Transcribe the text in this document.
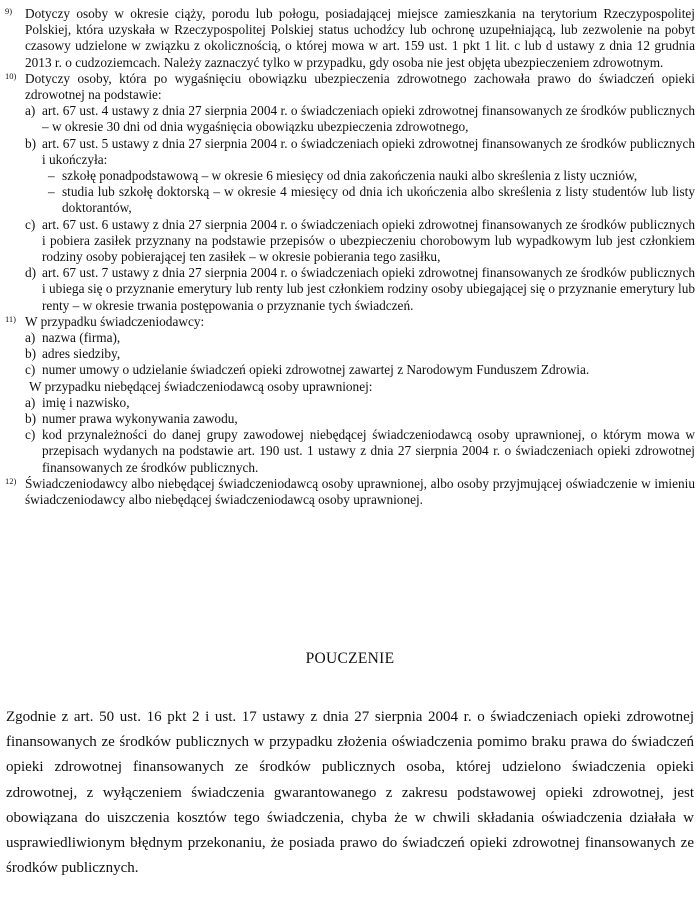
9) Dotyczy osoby w okresie ciąży, porodu lub połogu, posiadającej miejsce zamieszkania na terytorium Rzeczypospolitej Polskiej, która uzyskała w Rzeczypospolitej Polskiej status uchodźcy lub ochronę uzupełniającą, lub zezwolenie na pobyt czasowy udzielone w związku z okolicznością, o której mowa w art. 159 ust. 1 pkt 1 lit. c lub d ustawy z dnia 12 grudnia 2013 r. o cudzoziemcach. Należy zaznaczyć tylko w przypadku, gdy osoba nie jest objęta ubezpieczeniem zdrowotnym.
10) Dotyczy osoby, która po wygaśnięciu obowiązku ubezpieczenia zdrowotnego zachowała prawo do świadczeń opieki zdrowotnej na podstawie:
a) art. 67 ust. 4 ustawy z dnia 27 sierpnia 2004 r. o świadczeniach opieki zdrowotnej finansowanych ze środków publicznych – w okresie 30 dni od dnia wygaśnięcia obowiązku ubezpieczenia zdrowotnego,
b) art. 67 ust. 5 ustawy z dnia 27 sierpnia 2004 r. o świadczeniach opieki zdrowotnej finansowanych ze środków publicznych i ukończyła:
– szkołę ponadpodstawową – w okresie 6 miesięcy od dnia zakończenia nauki albo skreślenia z listy uczniów,
– studia lub szkołę doktorską – w okresie 4 miesięcy od dnia ich ukończenia albo skreślenia z listy studentów lub listy doktorantów,
c) art. 67 ust. 6 ustawy z dnia 27 sierpnia 2004 r. o świadczeniach opieki zdrowotnej finansowanych ze środków publicznych i pobiera zasiłek przyznany na podstawie przepisów o ubezpieczeniu chorobowym lub wypadkowym lub jest członkiem rodziny osoby pobierającej ten zasiłek – w okresie pobierania tego zasiłku,
d) art. 67 ust. 7 ustawy z dnia 27 sierpnia 2004 r. o świadczeniach opieki zdrowotnej finansowanych ze środków publicznych i ubiega się o przyznanie emerytury lub renty lub jest członkiem rodziny osoby ubiegającej się o przyznanie emerytury lub renty – w okresie trwania postępowania o przyznanie tych świadczeń.
11) W przypadku świadczeniodawcy:
a) nazwa (firma),
b) adres siedziby,
c) numer umowy o udzielanie świadczeń opieki zdrowotnej zawartej z Narodowym Funduszem Zdrowia.
W przypadku niebędącej świadczeniodawcą osoby uprawnionej:
a) imię i nazwisko,
b) numer prawa wykonywania zawodu,
c) kod przynależności do danej grupy zawodowej niebędącej świadczeniodawcą osoby uprawnionej, o którym mowa w przepisach wydanych na podstawie art. 190 ust. 1 ustawy z dnia 27 sierpnia 2004 r. o świadczeniach opieki zdrowotnej finansowanych ze środków publicznych.
12) Świadczeniodawcy albo niebędącej świadczeniodawcą osoby uprawnionej, albo osoby przyjmującej oświadczenie w imieniu świadczeniodawcy albo niebędącej świadczeniodawcą osoby uprawnionej.
POUCZENIE
Zgodnie z art. 50 ust. 16 pkt 2 i ust. 17 ustawy z dnia 27 sierpnia 2004 r. o świadczeniach opieki zdrowotnej finansowanych ze środków publicznych w przypadku złożenia oświadczenia pomimo braku prawa do świadczeń opieki zdrowotnej finansowanych ze środków publicznych osoba, której udzielono świadczenia opieki zdrowotnej, z wyłączeniem świadczenia gwarantowanego z zakresu podstawowej opieki zdrowotnej, jest obowiązana do uiszczenia kosztów tego świadczenia, chyba że w chwili składania oświadczenia działała w usprawiedliwionym błędnym przekonaniu, że posiada prawo do świadczeń opieki zdrowotnej finansowanych ze środków publicznych.
